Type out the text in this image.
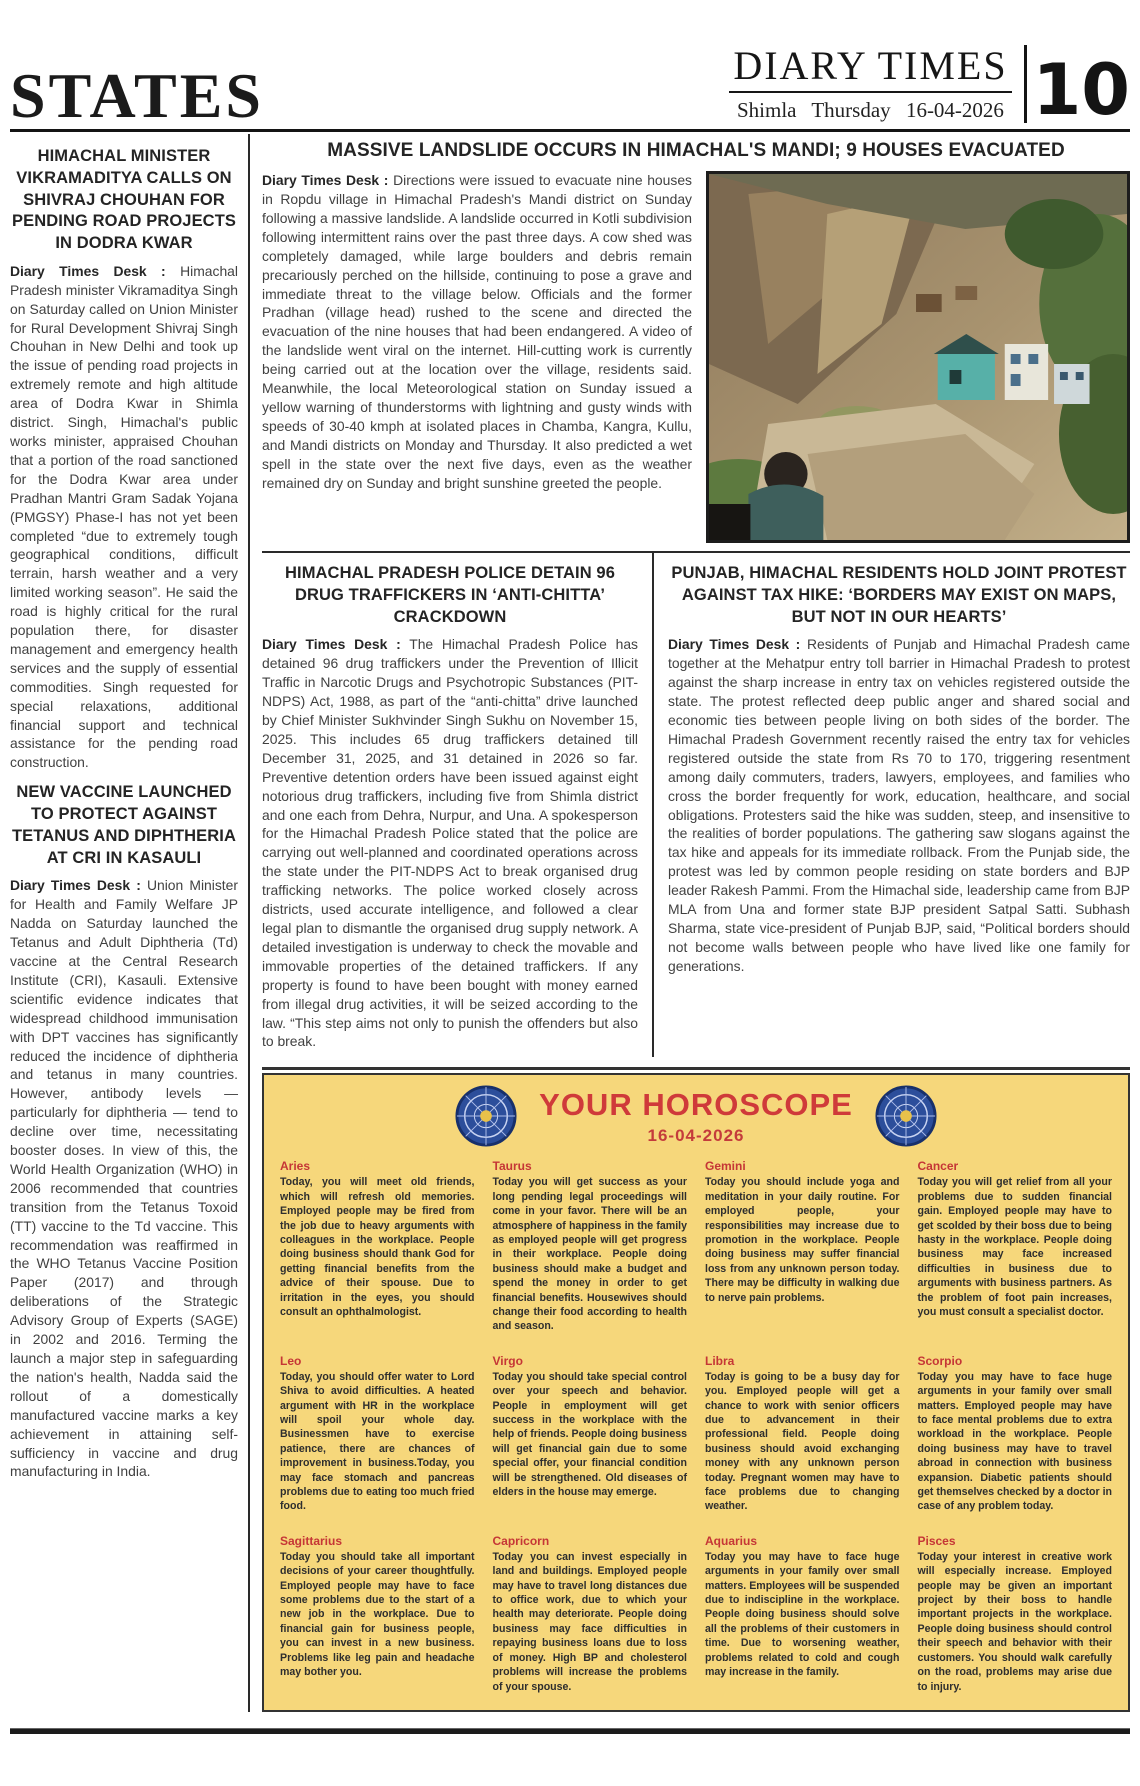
STATES	DIARY TIMES
Shimla Thursday 16-04-2026 10
HIMACHAL MINISTER VIKRAMADITYA CALLS ON SHIVRAJ CHOUHAN FOR PENDING ROAD PROJECTS IN DODRA KWAR

Diary Times Desk : Himachal Pradesh minister Vikramaditya Singh on Saturday called on Union Minister for Rural Development Shivraj Singh Chouhan in New Delhi and took up the issue of pending road projects in extremely remote and high altitude area of Dodra Kwar in Shimla district. Singh, Himachal's public works minister, appraised Chouhan that a portion of the road sanctioned for the Dodra Kwar area under Pradhan Mantri Gram Sadak Yojana (PMGSY) Phase-I has not yet been completed “due to extremely tough geographical conditions, difficult terrain, harsh weather and a very limited working season”. He said the road is highly critical for the rural population there, for disaster management and emergency health services and the supply of essential commodities. Singh requested for special relaxations, additional financial support and technical assistance for the pending road construction.

NEW VACCINE LAUNCHED TO PROTECT AGAINST TETANUS AND DIPHTHERIA AT CRI IN KASAULI

Diary Times Desk : Union Minister for Health and Family Welfare JP Nadda on Saturday launched the Tetanus and Adult Diphtheria (Td) vaccine at the Central Research Institute (CRI), Kasauli. Extensive scientific evidence indicates that widespread childhood immunisation with DPT vaccines has significantly reduced the incidence of diphtheria and tetanus in many countries. However, antibody levels — particularly for diphtheria — tend to decline over time, necessitating booster doses. In view of this, the World Health Organization (WHO) in 2006 recommended that countries transition from the Tetanus Toxoid (TT) vaccine to the Td vaccine. This recommendation was reaffirmed in the WHO Tetanus Vaccine Position Paper (2017) and through deliberations of the Strategic Advisory Group of Experts (SAGE) in 2002 and 2016. Terming the launch a major step in safeguarding the nation's health, Nadda said the rollout of a domestically manufactured vaccine marks a key achievement in attaining self-sufficiency in vaccine and drug manufacturing in India.

MASSIVE LANDSLIDE OCCURS IN HIMACHAL'S MANDI; 9 HOUSES EVACUATED

Diary Times Desk : Directions were issued to evacuate nine houses in Ropdu village in Himachal Pradesh's Mandi district on Sunday following a massive landslide. A landslide occurred in Kotli subdivision following intermittent rains over the past three days. A cow shed was completely damaged, while large boulders and debris remain precariously perched on the hillside, continuing to pose a grave and immediate threat to the village below. Officials and the former Pradhan (village head) rushed to the scene and directed the evacuation of the nine houses that had been endangered. A video of the landslide went viral on the internet. Hill-cutting work is currently being carried out at the location over the village, residents said. Meanwhile, the local Meteorological station on Sunday issued a yellow warning of thunderstorms with lightning and gusty winds with speeds of 30-40 kmph at isolated places in Chamba, Kangra, Kullu, and Mandi districts on Monday and Thursday. It also predicted a wet spell in the state over the next five days, even as the weather remained dry on Sunday and bright sunshine greeted the people.

HIMACHAL PRADESH POLICE DETAIN 96 DRUG TRAFFICKERS IN ‘ANTI-CHITTA’ CRACKDOWN

Diary Times Desk : The Himachal Pradesh Police has detained 96 drug traffickers under the Prevention of Illicit Traffic in Narcotic Drugs and Psychotropic Substances (PIT-NDPS) Act, 1988, as part of the “anti-chitta” drive launched by Chief Minister Sukhvinder Singh Sukhu on November 15, 2025. This includes 65 drug traffickers detained till December 31, 2025, and 31 detained in 2026 so far. Preventive detention orders have been issued against eight notorious drug traffickers, including five from Shimla district and one each from Dehra, Nurpur, and Una. A spokesperson for the Himachal Pradesh Police stated that the police are carrying out well-planned and coordinated operations across the state under the PIT-NDPS Act to break organised drug trafficking networks. The police worked closely across districts, used accurate intelligence, and followed a clear legal plan to dismantle the organised drug supply network. A detailed investigation is underway to check the movable and immovable properties of the detained traffickers. If any property is found to have been bought with money earned from illegal drug activities, it will be seized according to the law. “This step aims not only to punish the offenders but also to break.

PUNJAB, HIMACHAL RESIDENTS HOLD JOINT PROTEST AGAINST TAX HIKE: ‘BORDERS MAY EXIST ON MAPS, BUT NOT IN OUR HEARTS’

Diary Times Desk : Residents of Punjab and Himachal Pradesh came together at the Mehatpur entry toll barrier in Himachal Pradesh to protest against the sharp increase in entry tax on vehicles registered outside the state. The protest reflected deep public anger and shared social and economic ties between people living on both sides of the border. The Himachal Pradesh Government recently raised the entry tax for vehicles registered outside the state from Rs 70 to 170, triggering resentment among daily commuters, traders, lawyers, employees, and families who cross the border frequently for work, education, healthcare, and social obligations. Protesters said the hike was sudden, steep, and insensitive to the realities of border populations. The gathering saw slogans against the tax hike and appeals for its immediate rollback. From the Punjab side, the protest was led by common people residing on state borders and BJP leader Rakesh Pammi. From the Himachal side, leadership came from BJP MLA from Una and former state BJP president Satpal Satti. Subhash Sharma, state vice-president of Punjab BJP, said, “Political borders should not become walls between people who have lived like one family for generations.

YOUR HOROSCOPE
16-04-2026

Aries

Today, you will meet old friends, which will refresh old memories. Employed people may be fired from the job due to heavy arguments with colleagues in the workplace. People doing business should thank God for getting financial benefits from the advice of their spouse. Due to irritation in the eyes, you should consult an ophthalmologist.

Taurus

Today you will get success as your long pending legal proceedings will come in your favor. There will be an atmosphere of happiness in the family as employed people will get progress in their workplace. People doing business should make a budget and spend the money in order to get financial benefits. Housewives should change their food according to health and season.

Gemini

Today you should include yoga and meditation in your daily routine. For employed people, your responsibilities may increase due to promotion in the workplace. People doing business may suffer financial loss from any unknown person today. There may be difficulty in walking due to nerve pain problems.

Cancer

Today you will get relief from all your problems due to sudden financial gain. Employed people may have to get scolded by their boss due to being hasty in the workplace. People doing business may face increased difficulties in business due to arguments with business partners. As the problem of foot pain increases, you must consult a specialist doctor.

Leo

Today, you should offer water to Lord Shiva to avoid difficulties. A heated argument with HR in the workplace will spoil your whole day. Businessmen have to exercise patience, there are chances of improvement in business.Today, you may face stomach and pancreas problems due to eating too much fried food.

Virgo

Today you should take special control over your speech and behavior. People in employment will get success in the workplace with the help of friends. People doing business will get financial gain due to some special offer, your financial condition will be strengthened. Old diseases of elders in the house may emerge.

Libra

Today is going to be a busy day for you. Employed people will get a chance to work with senior officers due to advancement in their professional field. People doing business should avoid exchanging money with any unknown person today. Pregnant women may have to face problems due to changing weather.

Scorpio

Today you may have to face huge arguments in your family over small matters. Employed people may have to face mental problems due to extra workload in the workplace. People doing business may have to travel abroad in connection with business expansion. Diabetic patients should get themselves checked by a doctor in case of any problem today.

Sagittarius

Today you should take all important decisions of your career thoughtfully. Employed people may have to face some problems due to the start of a new job in the workplace. Due to financial gain for business people, you can invest in a new business. Problems like leg pain and headache may bother you.

Capricorn

Today you can invest especially in land and buildings. Employed people may have to travel long distances due to office work, due to which your health may deteriorate. People doing business may face difficulties in repaying business loans due to loss of money. High BP and cholesterol problems will increase the problems of your spouse.

Aquarius

Today you may have to face huge arguments in your family over small matters. Employees will be suspended due to indiscipline in the workplace. People doing business should solve all the problems of their customers in time. Due to worsening weather, problems related to cold and cough may increase in the family.

Pisces

Today your interest in creative work will especially increase. Employed people may be given an important project by their boss to handle important projects in the workplace. People doing business should control their speech and behavior with their customers. You should walk carefully on the road, problems may arise due to injury.
